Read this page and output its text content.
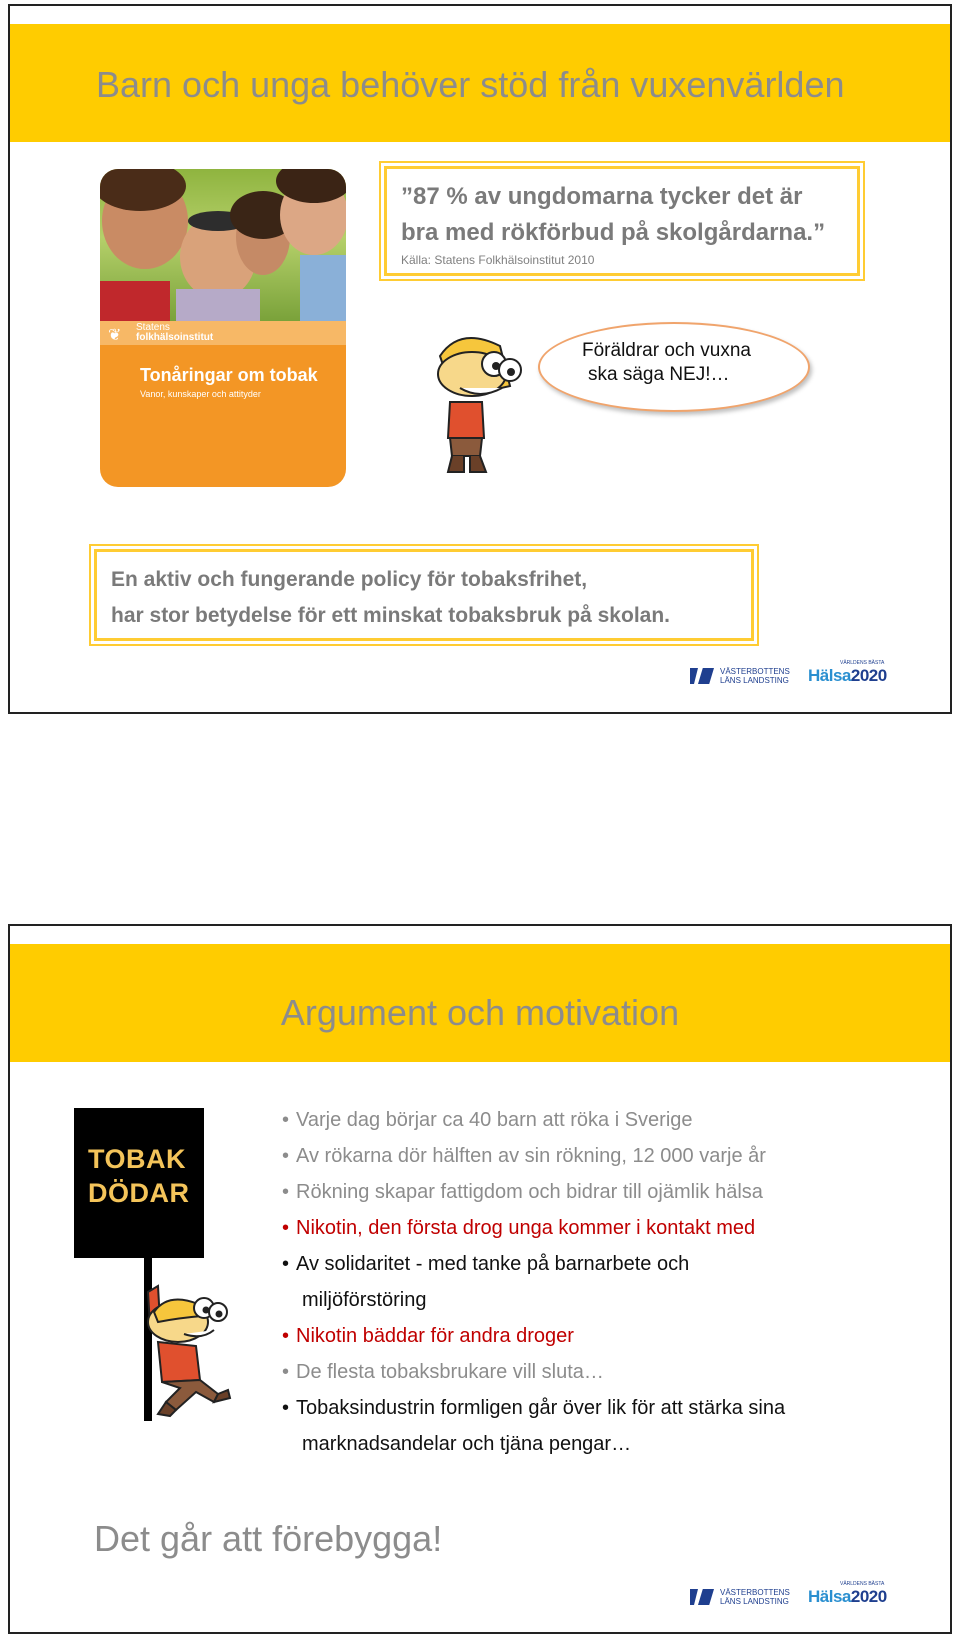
Barn och unga behöver stöd från vuxenvärlden
❦ Statens
folkhälsoinstitut
Tonåringar om tobak
Vanor, kunskaper och attityder
”87 % av ungdomarna tycker det är
bra med rökförbud på skolgårdarna.”
Källa: Statens Folkhälsoinstitut 2010
Föräldrar och vuxna
ska säga NEJ!…
En aktiv och fungerande policy för tobaksfrihet,
har stor betydelse för ett minskat tobaksbruk på skolan.
VÄSTERBOTTENS
LÄNS LANDSTING
VÄRLDENS BÄSTA
Hälsa2020
Argument och motivation
TOBAK
DÖDAR
• Varje dag börjar ca 40 barn att röka i Sverige
• Av rökarna dör hälften av sin rökning, 12 000 varje år
• Rökning skapar fattigdom och bidrar till ojämlik hälsa
• Nikotin, den första drog unga kommer i kontakt med
• Av solidaritet - med tanke på barnarbete och
miljöförstöring
• Nikotin bäddar för andra droger
• De flesta tobaksbrukare vill sluta…
• Tobaksindustrin formligen går över lik för att stärka sina
marknadsandelar och tjäna pengar…
Det går att förebygga!
VÄSTERBOTTENS
LÄNS LANDSTING
VÄRLDENS BÄSTA
Hälsa2020
